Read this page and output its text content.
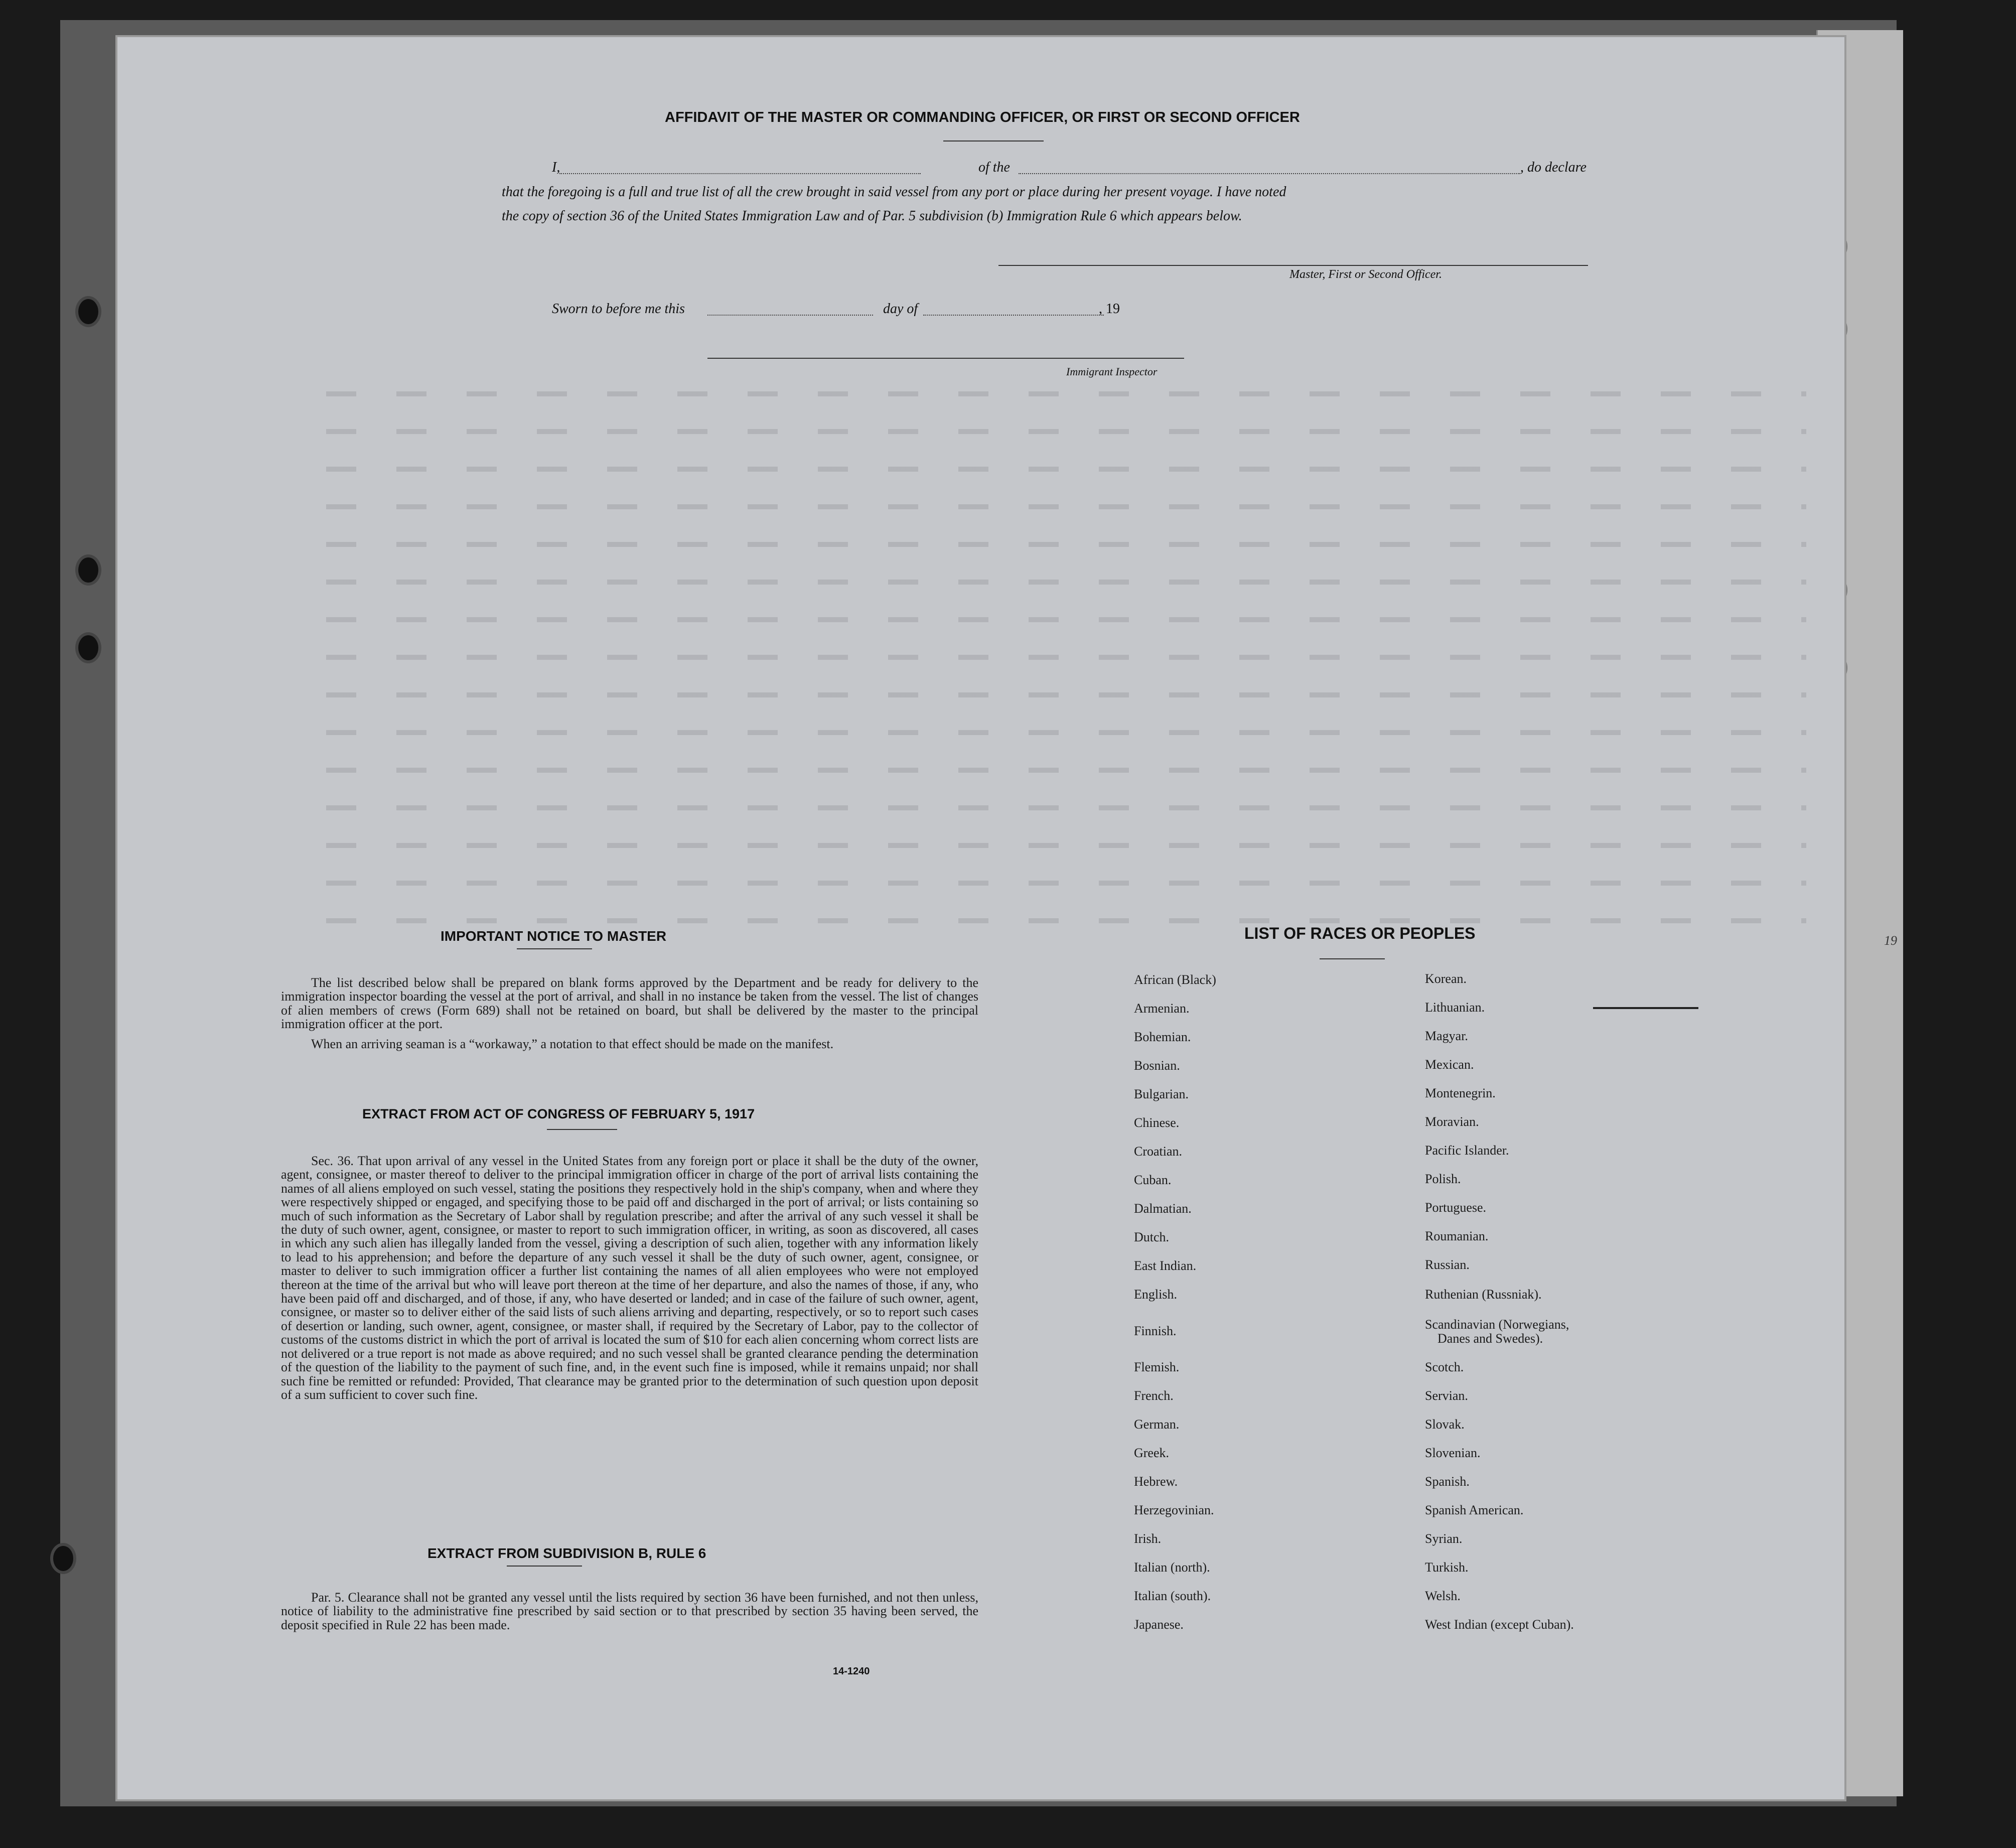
AFFIDAVIT OF THE MASTER OR COMMANDING OFFICER, OR FIRST OR SECOND OFFICER
I,	of the	, do declare
that the foregoing is a full and true list of all the crew brought in said vessel from any port or place during her present voyage. I have noted
the copy of section 36 of the United States Immigration Law and of Par. 5 subdivision (b) Immigration Rule 6 which appears below.
Master, First or Second Officer.
Sworn to before me this	day of	, 19
Immigrant Inspector
IMPORTANT NOTICE TO MASTER
The list described below shall be prepared on blank forms approved by the Department and be ready for delivery to the immigration inspector boarding the vessel at the port of arrival, and shall in no instance be taken from the vessel. The list of changes of alien members of crews (Form 689) shall not be retained on board, but shall be delivered by the master to the principal immigration officer at the port.
When an arriving seaman is a “workaway,” a notation to that effect should be made on the manifest.
EXTRACT FROM ACT OF CONGRESS OF FEBRUARY 5, 1917
Sec. 36. That upon arrival of any vessel in the United States from any foreign port or place it shall be the duty of the owner, agent, consignee, or master thereof to deliver to the principal immigration officer in charge of the port of arrival lists containing the names of all aliens employed on such vessel, stating the positions they respectively hold in the ship's company, when and where they were respectively shipped or engaged, and specifying those to be paid off and discharged in the port of arrival; or lists containing so much of such information as the Secretary of Labor shall by regulation prescribe; and after the arrival of any such vessel it shall be the duty of such owner, agent, consignee, or master to report to such immigration officer, in writing, as soon as discovered, all cases in which any such alien has illegally landed from the vessel, giving a description of such alien, together with any information likely to lead to his apprehension; and before the departure of any such vessel it shall be the duty of such owner, agent, consignee, or master to deliver to such immigration officer a further list containing the names of all alien employees who were not employed thereon at the time of the arrival but who will leave port thereon at the time of her departure, and also the names of those, if any, who have been paid off and discharged, and of those, if any, who have deserted or landed; and in case of the failure of such owner, agent, consignee, or master so to deliver either of the said lists of such aliens arriving and departing, respectively, or so to report such cases of desertion or landing, such owner, agent, consignee, or master shall, if required by the Secretary of Labor, pay to the collector of customs of the customs district in which the port of arrival is located the sum of $10 for each alien concerning whom correct lists are not delivered or a true report is not made as above required; and no such vessel shall be granted clearance pending the determination of the question of the liability to the payment of such fine, and, in the event such fine is imposed, while it remains unpaid; nor shall such fine be remitted or refunded: Provided, That clearance may be granted prior to the determination of such question upon deposit of a sum sufficient to cover such fine.
EXTRACT FROM SUBDIVISION B, RULE 6
Par. 5. Clearance shall not be granted any vessel until the lists required by section 36 have been furnished, and not then unless, notice of liability to the administrative fine prescribed by said section or to that prescribed by section 35 having been served, the deposit specified in Rule 22 has been made.
14-1240
LIST OF RACES OR PEOPLES
African (Black)
Armenian.
Bohemian.
Bosnian.
Bulgarian.
Chinese.
Croatian.
Cuban.
Dalmatian.
Dutch.
East Indian.
English.
Finnish.
Flemish.
French.
German.
Greek.
Hebrew.
Herzegovinian.
Irish.
Italian (north).
Italian (south).
Japanese.
Korean.
Lithuanian.
Magyar.
Mexican.
Montenegrin.
Moravian.
Pacific Islander.
Polish.
Portuguese.
Roumanian.
Russian.
Ruthenian (Russniak).
Scandinavian (Norwegians,
Danes and Swedes).
Scotch.
Servian.
Slovak.
Slovenian.
Spanish.
Spanish American.
Syrian.
Turkish.
Welsh.
West Indian (except Cuban).
19
